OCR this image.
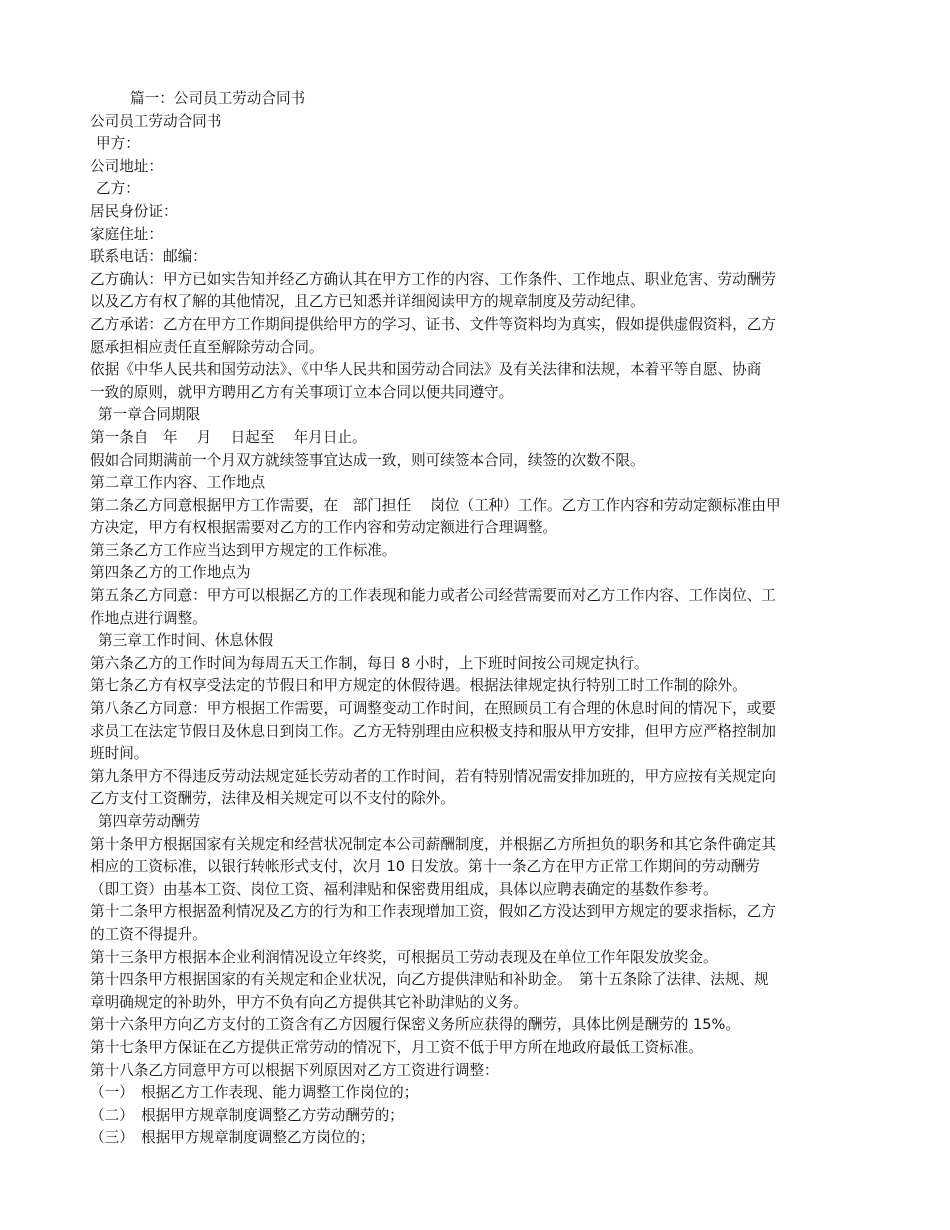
篇一：公司员工劳动合同书
公司员工劳动合同书
甲方：
公司地址：
乙方：
居民身份证：
家庭住址：
联系电话：邮编：
乙方确认：甲方已如实告知并经乙方确认其在甲方工作的内容、工作条件、工作地点、职业危害、劳动酬劳
以及乙方有权了解的其他情况，且乙方已知悉并详细阅读甲方的规章制度及劳动纪律。
乙方承诺：乙方在甲方工作期间提供给甲方的学习、证书、文件等资料均为真实，假如提供虚假资料，乙方
愿承担相应责任直至解除劳动合同。
依据《中华人民共和国劳动法》、《中华人民共和国劳动合同法》及有关法律和法规，本着平等自愿、协商
一致的原则，就甲方聘用乙方有关事项订立本合同以便共同遵守。
第一章合同期限
第一条自　年　 月　 日起至　 年月日止。
假如合同期满前一个月双方就续签事宜达成一致，则可续签本合同，续签的次数不限。
第二章工作内容、工作地点
第二条乙方同意根据甲方工作需要，在　部门担任　 岗位（工种）工作。乙方工作内容和劳动定额标准由甲
方决定，甲方有权根据需要对乙方的工作内容和劳动定额进行合理调整。
第三条乙方工作应当达到甲方规定的工作标准。
第四条乙方的工作地点为
第五条乙方同意：甲方可以根据乙方的工作表现和能力或者公司经营需要而对乙方工作内容、工作岗位、工
作地点进行调整。
第三章工作时间、休息休假
第六条乙方的工作时间为每周五天工作制，每日 8 小时，上下班时间按公司规定执行。
第七条乙方有权享受法定的节假日和甲方规定的休假待遇。根据法律规定执行特别工时工作制的除外。
第八条乙方同意：甲方根据工作需要，可调整变动工作时间，在照顾员工有合理的休息时间的情况下，或要
求员工在法定节假日及休息日到岗工作。乙方无特别理由应积极支持和服从甲方安排，但甲方应严格控制加
班时间。
第九条甲方不得违反劳动法规定延长劳动者的工作时间，若有特别情况需安排加班的，甲方应按有关规定向
乙方支付工资酬劳，法律及相关规定可以不支付的除外。
第四章劳动酬劳
第十条甲方根据国家有关规定和经营状况制定本公司薪酬制度，并根据乙方所担负的职务和其它条件确定其
相应的工资标准，以银行转帐形式支付，次月 10 日发放。第十一条乙方在甲方正常工作期间的劳动酬劳
（即工资）由基本工资、岗位工资、福利津贴和保密费用组成，具体以应聘表确定的基数作参考。
第十二条甲方根据盈利情况及乙方的行为和工作表现增加工资，假如乙方没达到甲方规定的要求指标，乙方
的工资不得提升。
第十三条甲方根据本企业利润情况设立年终奖，可根据员工劳动表现及在单位工作年限发放奖金。
第十四条甲方根据国家的有关规定和企业状况，向乙方提供津贴和补助金。　第十五条除了法律、法规、规
章明确规定的补助外，甲方不负有向乙方提供其它补助津贴的义务。
第十六条甲方向乙方支付的工资含有乙方因履行保密义务所应获得的酬劳，具体比例是酬劳的 15%。
第十七条甲方保证在乙方提供正常劳动的情况下，月工资不低于甲方所在地政府最低工资标准。
第十八条乙方同意甲方可以根据下列原因对乙方工资进行调整：
（一）　根据乙方工作表现、能力调整工作岗位的；
（二）　根据甲方规章制度调整乙方劳动酬劳的；
（三）　根据甲方规章制度调整乙方岗位的；
